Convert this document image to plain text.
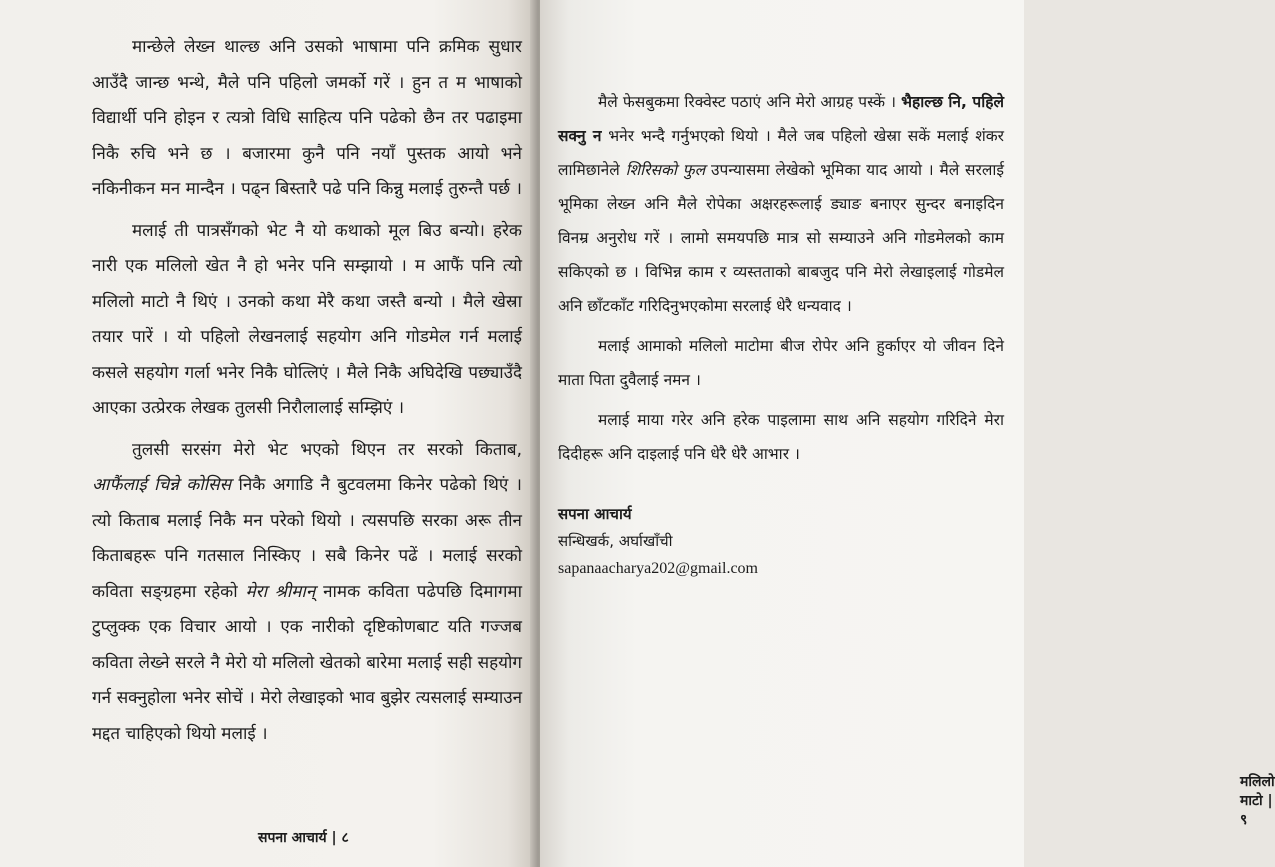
मान्छेले लेख्न थाल्छ अनि उसको भाषामा पनि क्रमिक सुधार आउँदै जान्छ भन्थे, मैले पनि पहिलो जमर्को गरें । हुन त म भाषाको विद्यार्थी पनि होइन र त्यत्रो विधि साहित्य पनि पढेको छैन तर पढाइमा निकै रुचि भने छ । बजारमा कुनै पनि नयाँ पुस्तक आयो भने नकिनीकन मन मान्दैन । पढ्न बिस्तारै पढे पनि किन्नु मलाई तुरुन्तै पर्छ ।

मलाई ती पात्रसँगको भेट नै यो कथाको मूल बिउ बन्यो। हरेक नारी एक मलिलो खेत नै हो भनेर पनि सम्झायो । म आफैं पनि त्यो मलिलो माटो नै थिएं । उनको कथा मेरै कथा जस्तै बन्यो । मैले खेस्रा तयार पारें । यो पहिलो लेखनलाई सहयोग अनि गोडमेल गर्न मलाई कसले सहयोग गर्ला भनेर निकै घोत्लिएं । मैले निकै अघिदेखि पछ्याउँदै आएका उत्प्रेरक लेखक तुलसी निरौलालाई सम्झिएं ।

तुलसी सरसंग मेरो भेट भएको थिएन तर सरको किताब, आफैंलाई चिन्ने कोसिस निकै अगाडि नै बुटवलमा किनेर पढेको थिएं । त्यो किताब मलाई निकै मन परेको थियो । त्यसपछि सरका अरू तीन किताबहरू पनि गतसाल निस्किए । सबै किनेर पढें । मलाई सरको कविता सङ्ग्रहमा रहेको मेरा श्रीमान् नामक कविता पढेपछि दिमागमा टुप्लुक्क एक विचार आयो । एक नारीको दृष्टिकोणबाट यति गज्जब कविता लेख्ने सरले नै मेरो यो मलिलो खेतको बारेमा मलाई सही सहयोग गर्न सक्नुहोला भनेर सोचें । मेरो लेखाइको भाव बुझेर त्यसलाई सम्याउन मद्दत चाहिएको थियो मलाई ।

सपना आचार्य | ८

मैले फेसबुकमा रिक्वेस्ट पठाएं अनि मेरो आग्रह पस्कें । भैहाल्छ नि, पहिले सक्नु न भनेर भन्दै गर्नुभएको थियो । मैले जब पहिलो खेस्रा सकें मलाई शंकर लामिछानेले शिरिसको फुल उपन्यासमा लेखेको भूमिका याद आयो । मैले सरलाई भूमिका लेख्न अनि मैले रोपेका अक्षरहरूलाई ड्याङ बनाएर सुन्दर बनाइदिन विनम्र अनुरोध गरें । लामो समयपछि मात्र सो सम्याउने अनि गोडमेलको काम सकिएको छ । विभिन्न काम र व्यस्तताको बाबजुद पनि मेरो लेखाइलाई गोडमेल अनि छाँटकाँट गरिदिनुभएकोमा सरलाई धेरै धन्यवाद ।

मलाई आमाको मलिलो माटोमा बीज रोपेर अनि हुर्काएर यो जीवन दिने माता पिता दुवैलाई नमन ।

मलाई माया गरेर अनि हरेक पाइलामा साथ अनि सहयोग गरिदिने मेरा दिदीहरू अनि दाइलाई पनि धेरै धेरै आभार ।

सपना आचार्य
सन्धिखर्क, अर्घाखाँची
sapanaacharya202@gmail.com
मलिलो माटो | ९
